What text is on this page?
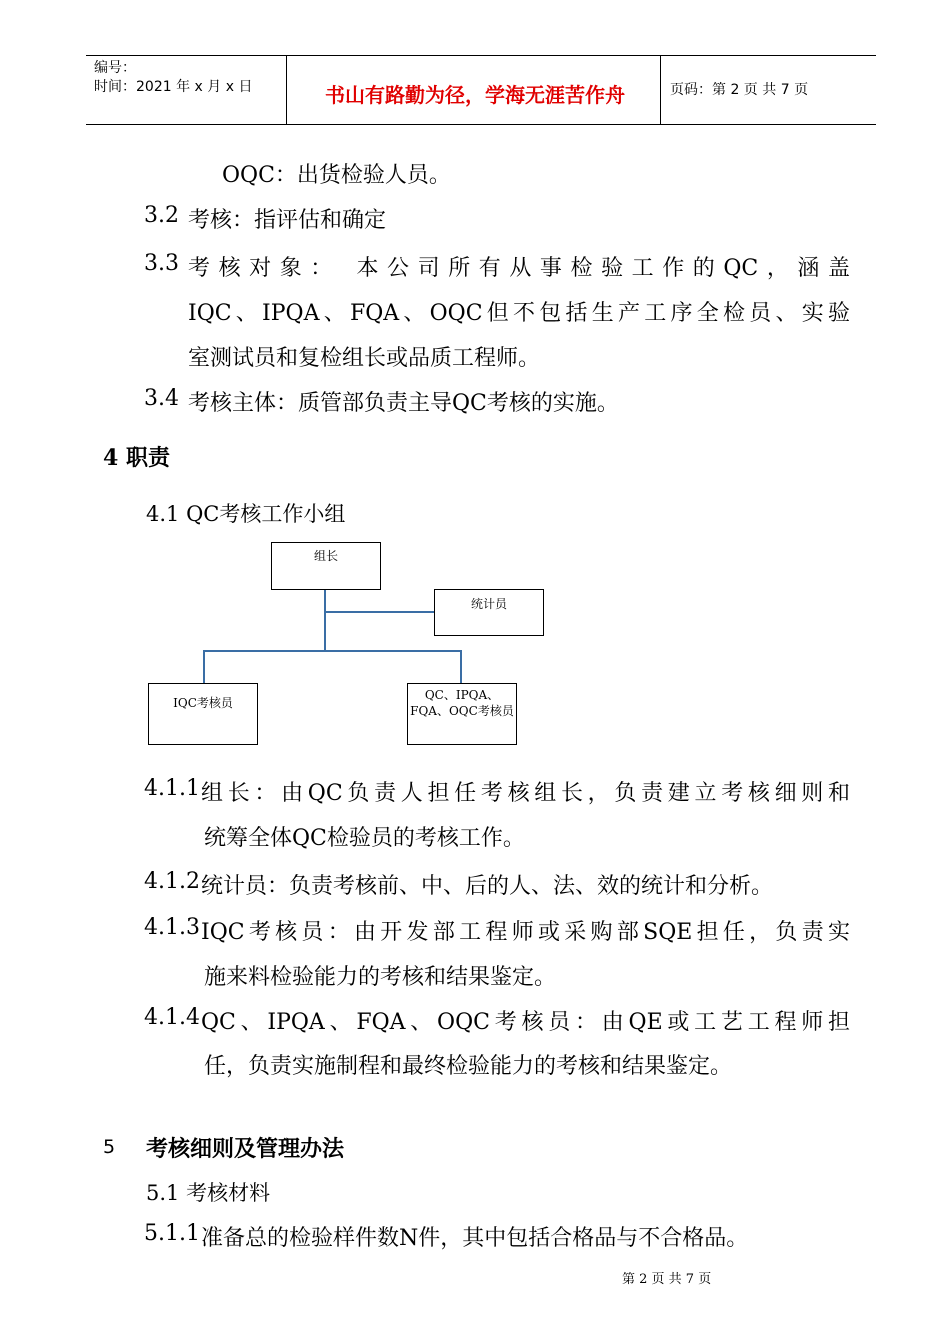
编号：
时间：2021 年 x 月 x 日	书山有路勤为径，学海无涯苦作舟	页码：第 2 页 共 7 页
OQC：出货检验人员。
3.2 考核：指评估和确定
3.3 考核对象： 本公司所有从事检验工作的QC，涵盖
IQC、IPQA、FQA、OQC但不包括生产工序全检员、实验
室测试员和复检组长或品质工程师。
3.4 考核主体：质管部负责主导QC考核的实施。
4 职责
4.1 QC考核工作小组
组长
统计员
IQC考核员
QC、IPQA、
FQA、OQC考核员
4.1.1 组长：由QC负责人担任考核组长，负责建立考核细则和
统筹全体QC检验员的考核工作。
4.1.2 统计员：负责考核前、中、后的人、法、效的统计和分析。
4.1.3 IQC考核员：由开发部工程师或采购部SQE担任，负责实
施来料检验能力的考核和结果鉴定。
4.1.4 QC、IPQA、FQA、OQC考核员：由QE或工艺工程师担
任，负责实施制程和最终检验能力的考核和结果鉴定。
5 考核细则及管理办法
5.1 考核材料
5.1.1 准备总的检验样件数N件，其中包括合格品与不合格品。
第 2 页 共 7 页
